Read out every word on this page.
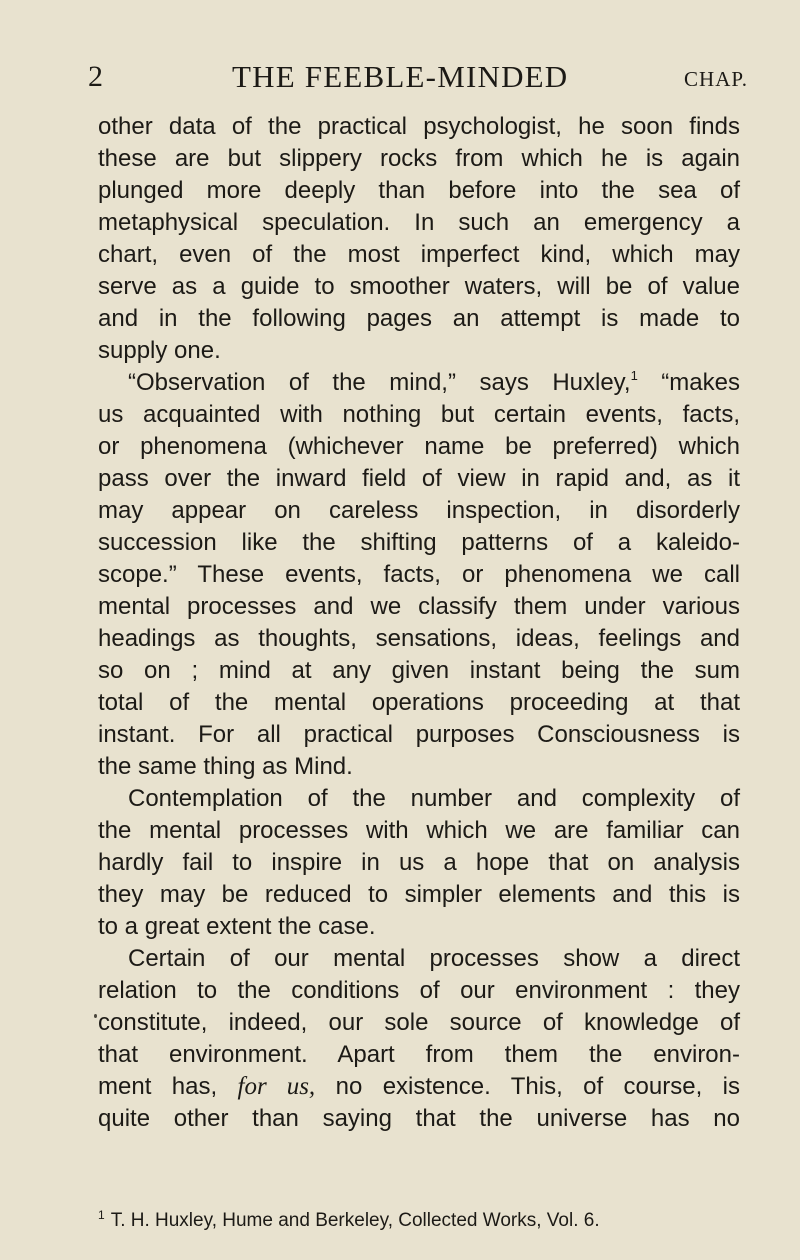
2	THE FEEBLE-MINDED	CHAP.
other data of the practical psychologist, he soon finds
these are but slippery rocks from which he is again
plunged more deeply than before into the sea of
metaphysical speculation. In such an emergency a
chart, even of the most imperfect kind, which may
serve as a guide to smoother waters, will be of value
and in the following pages an attempt is made to
supply one.
“Observation of the mind,” says Huxley,$^1$ “makes
us acquainted with nothing but certain events, facts,
or phenomena (whichever name be preferred) which
pass over the inward field of view in rapid and, as it
may appear on careless inspection, in disorderly
succession like the shifting patterns of a kaleido-
scope.” These events, facts, or phenomena we call
mental processes and we classify them under various
headings as thoughts, sensations, ideas, feelings and
so on ; mind at any given instant being the sum
total of the mental operations proceeding at that
instant. For all practical purposes Consciousness is
the same thing as Mind.
Contemplation of the number and complexity of
the mental processes with which we are familiar can
hardly fail to inspire in us a hope that on analysis
they may be reduced to simpler elements and this is
to a great extent the case.
Certain of our mental processes show a direct
relation to the conditions of our environment : they
constitute, indeed, our sole source of knowledge of
that environment. Apart from them the environ-
ment has, for us, no existence. This, of course, is
quite other than saying that the universe has no
$^1$ T. H. Huxley, Hume and Berkeley, Collected Works, Vol. 6.
